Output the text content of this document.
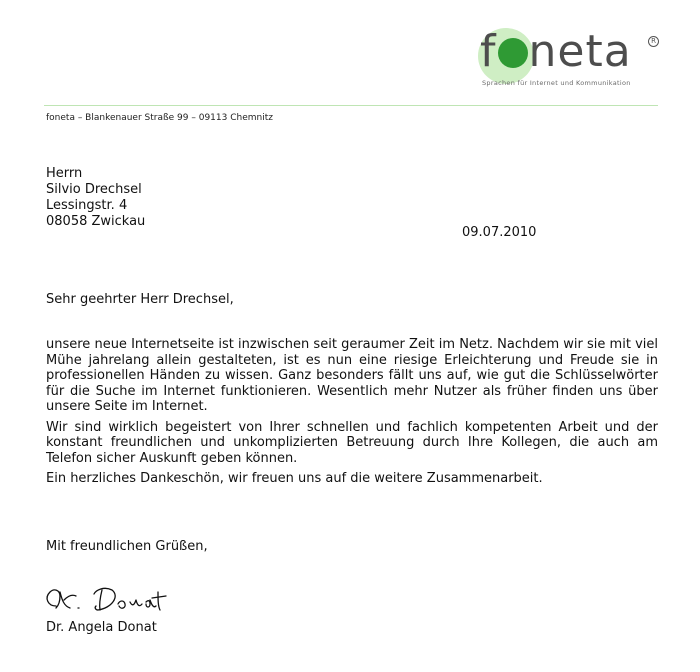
f neta	R
Sprachen für Internet und Kommunikation
foneta – Blankenauer Straße 99 – 09113 Chemnitz
Herrn
Silvio Drechsel
Lessingstr. 4
08058 Zwickau
09.07.2010
Sehr geehrter Herr Drechsel,

unsere neue Internetseite ist inzwischen seit geraumer Zeit im Netz. Nachdem wir sie mit viel Mühe jahrelang allein gestalteten, ist es nun eine riesige Erleichterung und Freude sie in professionellen Händen zu wissen. Ganz besonders fällt uns auf, wie gut die Schlüsselwörter für die Suche im Internet funktionieren. Wesentlich mehr Nutzer als früher finden uns über unsere Seite im Internet.

Wir sind wirklich begeistert von Ihrer schnellen und fachlich kompetenten Arbeit und der konstant freundlichen und unkomplizierten Betreuung durch Ihre Kollegen, die auch am Telefon sicher Auskunft geben können.

Ein herzliches Dankeschön, wir freuen uns auf die weitere Zusammenarbeit.

Mit freundlichen Grüßen,
Dr. Angela Donat
